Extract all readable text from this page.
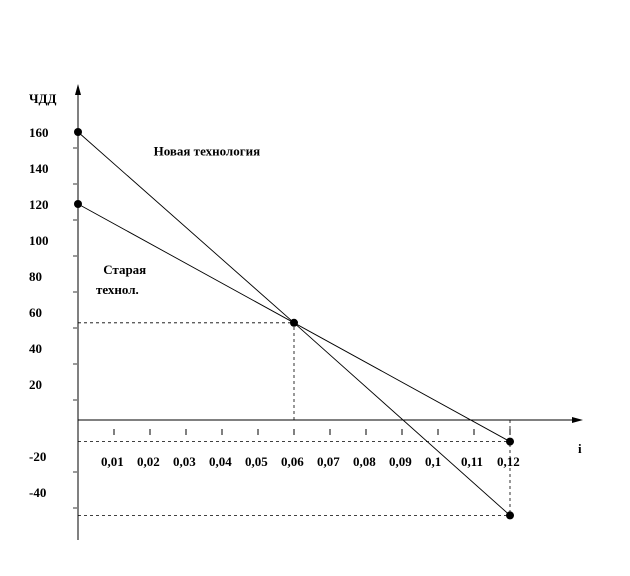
0,01 0,02 0,03 0,04 0,05 0,06 0,07 0,08 0,09 0,1 0,11 0,12
160
140
120
100
80
60
40
20
-20
-40
Новая технология
Старая
технол.
ЧДД
i
